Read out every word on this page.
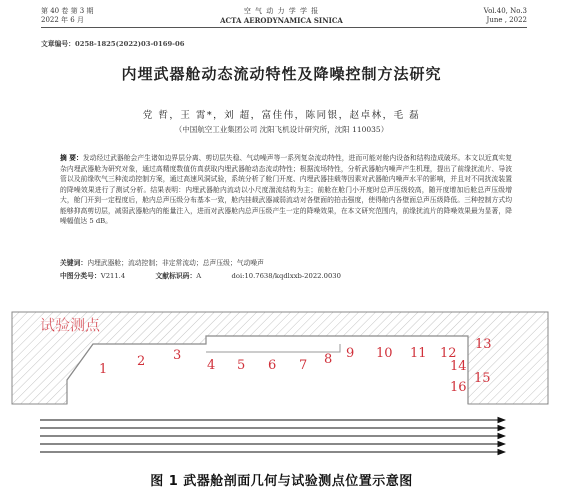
第 40 卷 第 3 期
2022 年 6 月
空 气 动 力 学 学 报
ACTA AERODYNAMICA SINICA
Vol.40, No.3
June , 2022
文章编号：0258-1825(2022)03-0169-06
内埋武器舱动态流动特性及降噪控制方法研究
党 哲，王 霄*，刘 超，富佳伟，陈同银，赵卓林，毛 磊
（中国航空工业集团公司 沈阳飞机设计研究所，沈阳 110035）
摘 要：发动经过武器舱会产生诸如边界层分离、剪切层失稳、气动噪声等一系列复杂流动特性，进而可能对舱内设备和结构造成破坏。本文以近真实复杂内埋武器舱为研究对象，通过高精度数值仿真获取内埋武器舱动态流动特性；根据流场特性，分析武器舱内噪声产生机理，提出了前缘扰流片、导波管以及前缘吹气三种流动控制方案，通过高速风洞试验，系统分析了舱门开度、内埋武器挂载等因素对武器舱内噪声水平的影响，并且对不同扰流装置的降噪效果进行了测试分析。结果表明：内埋武器舱内流动以小尺度湍流结构为主；前舱在舱门小开度时总声压级较高，随开度增加后舱总声压级增大，舱门开到一定程度后，舱内总声压级分布基本一致，舱内挂载武器减弱流动对各壁面的拍击强度，使得舱内各壁面总声压级降低。三种控制方式均能够抑高剪切层，减弱武器舱内的能量注入，进而对武器舱内总声压级产生一定的降噪效果，在本文研究范围内，前缘扰流片的降噪效果最为显著，降噪幅值达 5 dB。
关键词：内埋武器舱；流动控制；非定常流动；总声压级；气动噪声
中图分类号：V211.4	文献标识码：A	doi:10.7638/kqdlxxb-2022.0030
试验测点
1
2 3
4 5 6 7 8 9 10 11 12
13
14
15
16
图 1 武器舱剖面几何与试验测点位置示意图
